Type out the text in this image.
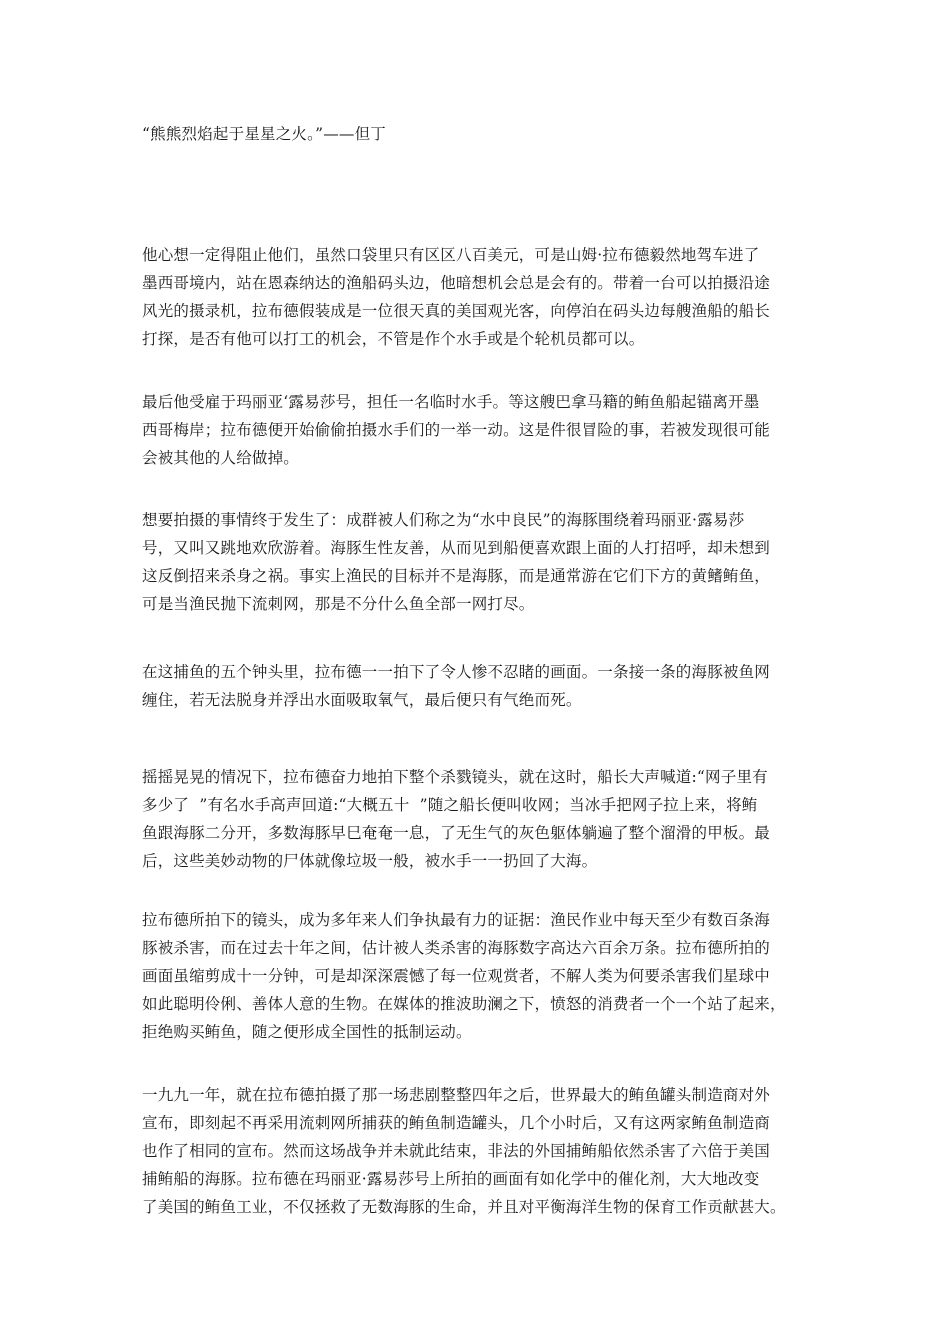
“熊熊烈焰起于星星之火。”——但丁

他心想一定得阻止他们，虽然口袋里只有区区八百美元，可是山姆·拉布德毅然地驾车进了
墨西哥境内，站在恩森纳达的渔船码头边，他暗想机会总是会有的。带着一台可以拍摄沿途
风光的摄录机，拉布德假装成是一位很天真的美国观光客，向停泊在码头边每艘渔船的船长
打探，是否有他可以打工的机会，不管是作个水手或是个轮机员都可以。

最后他受雇于玛丽亚‘露易莎号，担任一名临时水手。等这艘巴拿马籍的鲔鱼船起锚离开墨
西哥梅岸；拉布德便开始偷偷拍摄水手们的一举一动。这是件很冒险的事，若被发现很可能
会被其他的人给做掉。

想要拍摄的事情终于发生了：成群被人们称之为“水中良民”的海豚围绕着玛丽亚·露易莎
号，又叫又跳地欢欣游着。海豚生性友善，从而见到船便喜欢跟上面的人打招呼，却未想到
这反倒招来杀身之祸。事实上渔民的目标并不是海豚，而是通常游在它们下方的黄鳍鲔鱼，
可是当渔民抛下流刺网，那是不分什么鱼全部一网打尽。

在这捕鱼的五个钟头里，拉布德一一拍下了令人惨不忍睹的画面。一条接一条的海豚被鱼网
缠住，若无法脱身并浮出水面吸取氧气，最后便只有气绝而死。

摇摇晃晃的情况下，拉布德奋力地拍下整个杀戮镜头，就在这时，船长大声喊道:“网子里有
多少了  ”有名水手高声回道:“大概五十  ”随之船长便叫收网；当冰手把网子拉上来，将鲔
鱼跟海豚二分开，多数海豚早巳奄奄一息，了无生气的灰色躯体躺遍了整个溜滑的甲板。最
后，这些美妙动物的尸体就像垃圾一般，被水手一一扔回了大海。

拉布德所拍下的镜头，成为多年来人们争执最有力的证据：渔民作业中每天至少有数百条海
豚被杀害，而在过去十年之间，估计被人类杀害的海豚数字高达六百余万条。拉布德所拍的
画面虽缩剪成十一分钟，可是却深深震憾了每一位观赏者，不解人类为何要杀害我们星球中
如此聪明伶俐、善体人意的生物。在媒体的推波助澜之下，愤怒的消费者一个一个站了起来，
拒绝购买鲔鱼，随之便形成全国性的抵制运动。

一九九一年，就在拉布德拍摄了那一场悲剧整整四年之后，世界最大的鲔鱼罐头制造商对外
宣布，即刻起不再采用流刺网所捕获的鲔鱼制造罐头，几个小时后，又有这两家鲔鱼制造商
也作了相同的宣布。然而这场战争并未就此结束，非法的外国捕鲔船依然杀害了六倍于美国
捕鲔船的海豚。拉布德在玛丽亚·露易莎号上所拍的画面有如化学中的催化剂，大大地改变
了美国的鲔鱼工业，不仅拯救了无数海豚的生命，并且对平衡海洋生物的保育工作贡献甚大。
